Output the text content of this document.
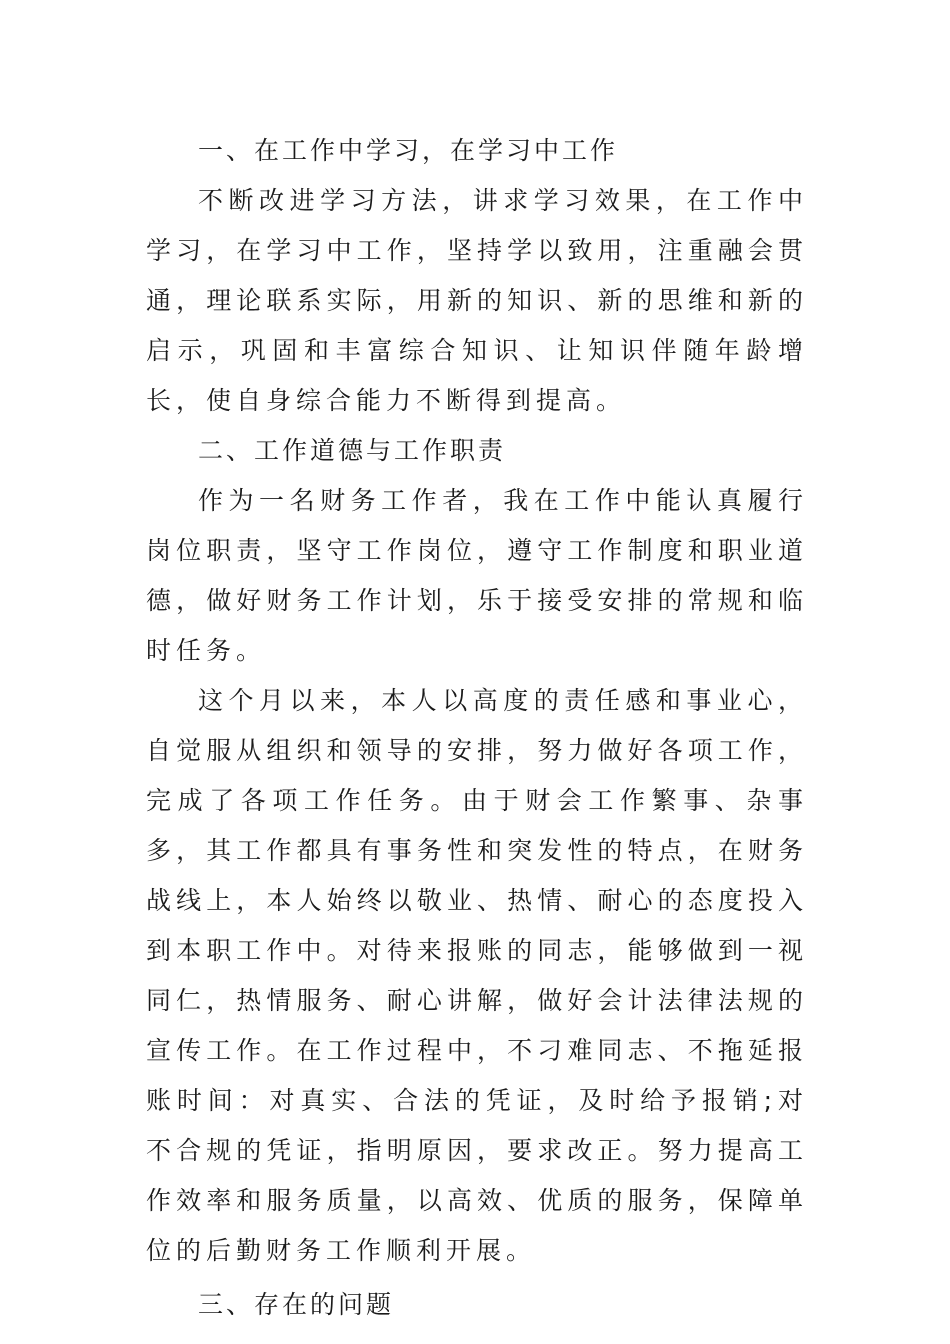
一、在工作中学习，在学习中工作

不断改进学习方法，讲求学习效果，在工作中学习，在学习中工作，坚持学以致用，注重融会贯通，理论联系实际，用新的知识、新的思维和新的启示，巩固和丰富综合知识、让知识伴随年龄增长，使自身综合能力不断得到提高。

二、工作道德与工作职责

作为一名财务工作者，我在工作中能认真履行岗位职责，坚守工作岗位，遵守工作制度和职业道德，做好财务工作计划，乐于接受安排的常规和临时任务。

这个月以来，本人以高度的责任感和事业心，自觉服从组织和领导的安排，努力做好各项工作，完成了各项工作任务。由于财会工作繁事、杂事多，其工作都具有事务性和突发性的特点，在财务战线上，本人始终以敬业、热情、耐心的态度投入到本职工作中。对待来报账的同志，能够做到一视同仁，热情服务、耐心讲解，做好会计法律法规的宣传工作。在工作过程中，不刁难同志、不拖延报账时间：对真实、合法的凭证，及时给予报销;对不合规的凭证，指明原因，要求改正。努力提高工作效率和服务质量，以高效、优质的服务，保障单位的后勤财务工作顺利开展。

三、存在的问题
